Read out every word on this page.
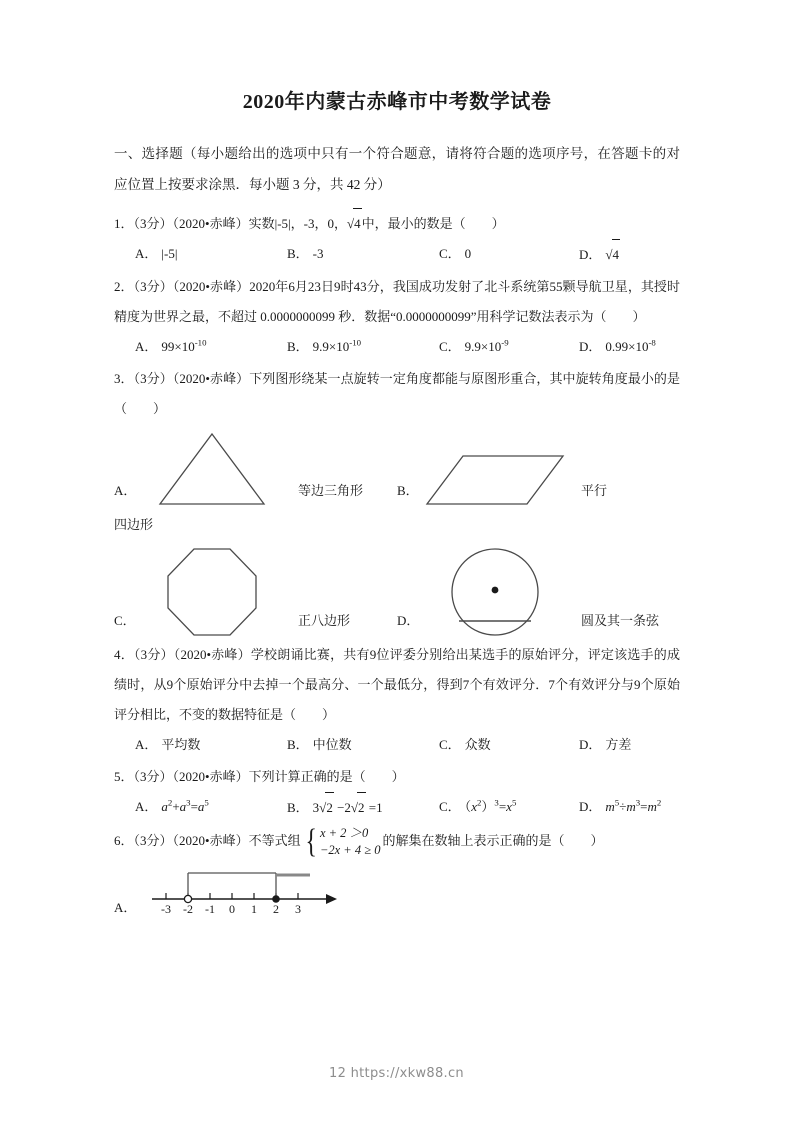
2020年内蒙古赤峰市中考数学试卷
一、选择题（每小题给出的选项中只有一个符合题意，请将符合题的选项序号，在答题卡的对应位置上按要求涂黑．每小题 3 分，共 42 分）
1．（3分）（2020•赤峰）实数|‑5|，‑3，0，√4中，最小的数是（　　）
A． |‑5|	B． ‑3	C． 0	D． √4
2．（3分）（2020•赤峰）2020年6月23日9时43分，我国成功发射了北斗系统第55颗导航卫星，其授时精度为世界之最，不超过 0.0000000099 秒．数据“0.0000000099”用科学记数法表示为（　　）
A． $99\times 10^{‑10}$	B． $9.9\times 10^{‑10}$	C． $9.9\times 10^{‑9}$	D． $0.99\times 10^{‑8}$
3．（3分）（2020•赤峰）下列图形绕某一点旋转一定角度都能与原图形重合，其中旋转角度最小的是（　　）
A．	等边三角形	B．	平行
四边形
C．	正八边形	D．	圆及其一条弦
4．（3分）（2020•赤峰）学校朗诵比赛，共有9位评委分别给出某选手的原始评分，评定该选手的成绩时，从9个原始评分中去掉一个最高分、一个最低分，得到7个有效评分．7个有效评分与9个原始评分相比，不变的数据特征是（　　）
A． 平均数	B． 中位数	C． 众数	D． 方差
5．（3分）（2020•赤峰）下列计算正确的是（　　）
A． $a^2+a^3=a^5$	B． 3√2 −2√2 =1	C． $(x^2)^3=x^5$	D． $m^5\div m^3=m^2$
6．（3分）（2020•赤峰）不等式组 { x + 2 ＞0
−2x + 4 ≥ 0
的解集在数轴上表示正确的是（　　）
A．	-3 -2 -1 0 1 2 3
12 https://xkw88.cn
